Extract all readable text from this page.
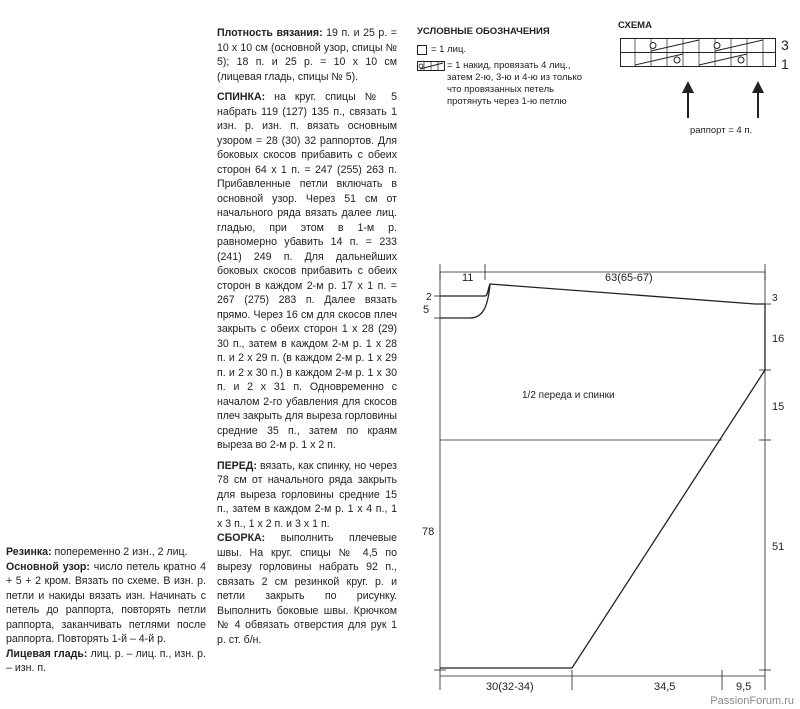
Плотность вязания: 19 п. и 25 р. = 10 х 10 см (основной узор, спицы № 5); 18 п. и 25 р. = 10 х 10 см (лицевая гладь, спицы № 5).

СПИНКА: на круг. спицы № 5 набрать 119 (127) 135 п., связать 1 изн. р. изн. п. вязать основным узором = 28 (30) 32 раппортов. Для боковых скосов прибавить с обеих сторон 64 х 1 п. = 247 (255) 263 п. Прибавленные петли включать в основной узор. Через 51 см от начального ряда вязать далее лиц. гладью, при этом в 1-м р. равномерно убавить 14 п. = 233 (241) 249 п. Для дальнейших боковых скосов прибавить с обеих сторон в каждом 2-м р. 17 х 1 п. = 267 (275) 283 п. Далее вязать прямо. Через 16 см для скосов плеч закрыть с обеих сторон 1 х 28 (29) 30 п., затем в каждом 2-м р. 1 х 28 п. и 2 х 29 п. (в каждом 2-м р. 1 х 29 п. и 2 х 30 п.) в каждом 2-м р. 1 х 30 п. и 2 х 31 п. Одновременно с началом 2-го убавления для скосов плеч закрыть для выреза горловины средние 35 п., затем по краям выреза во 2-м р. 1 х 2 п.

ПЕРЕД: вязать, как спинку, но через 78 см от начального ряда закрыть для выреза горловины средние 15 п., затем в каждом 2-м р. 1 х 4 п., 1 х 3 п., 1 х 2 п. и 3 х 1 п.

СБОРКА: выполнить плечевые швы. На круг. спицы № 4,5 по вырезу горловины набрать 92 п., связать 2 см резинкой круг. р. и петли закрыть по рисунку. Выполнить боковые швы. Крючком № 4 обвязать отверстия для рук 1 р. ст. б/н.

Резинка: попеременно 2 изн., 2 лиц.

Основной узор: число петель кратно 4 + 5 + 2 кром. Вязать по схеме. В изн. р. петли и накиды вязать изн. Начинать с петель до раппорта, повторять петли раппорта, заканчивать петлями после раппорта. Повторять 1-й – 4-й р.

Лицевая гладь: лиц. р. – лиц. п., изн. р. – изн. п.

УСЛОВНЫЕ ОБОЗНАЧЕНИЯ
= 1 лиц.
= 1 накид, провязать 4 лиц., затем 2-ю, 3-ю и 4-ю из только что провязанных петель протянуть через 1-ю петлю
СХЕМА
3
1
раппорт = 4 п.
11	63(65-67)
5
2	3
16
15
51
78
30(32-34)	34,5	9,5
1/2 переда и спинки
PassionForum.ru
